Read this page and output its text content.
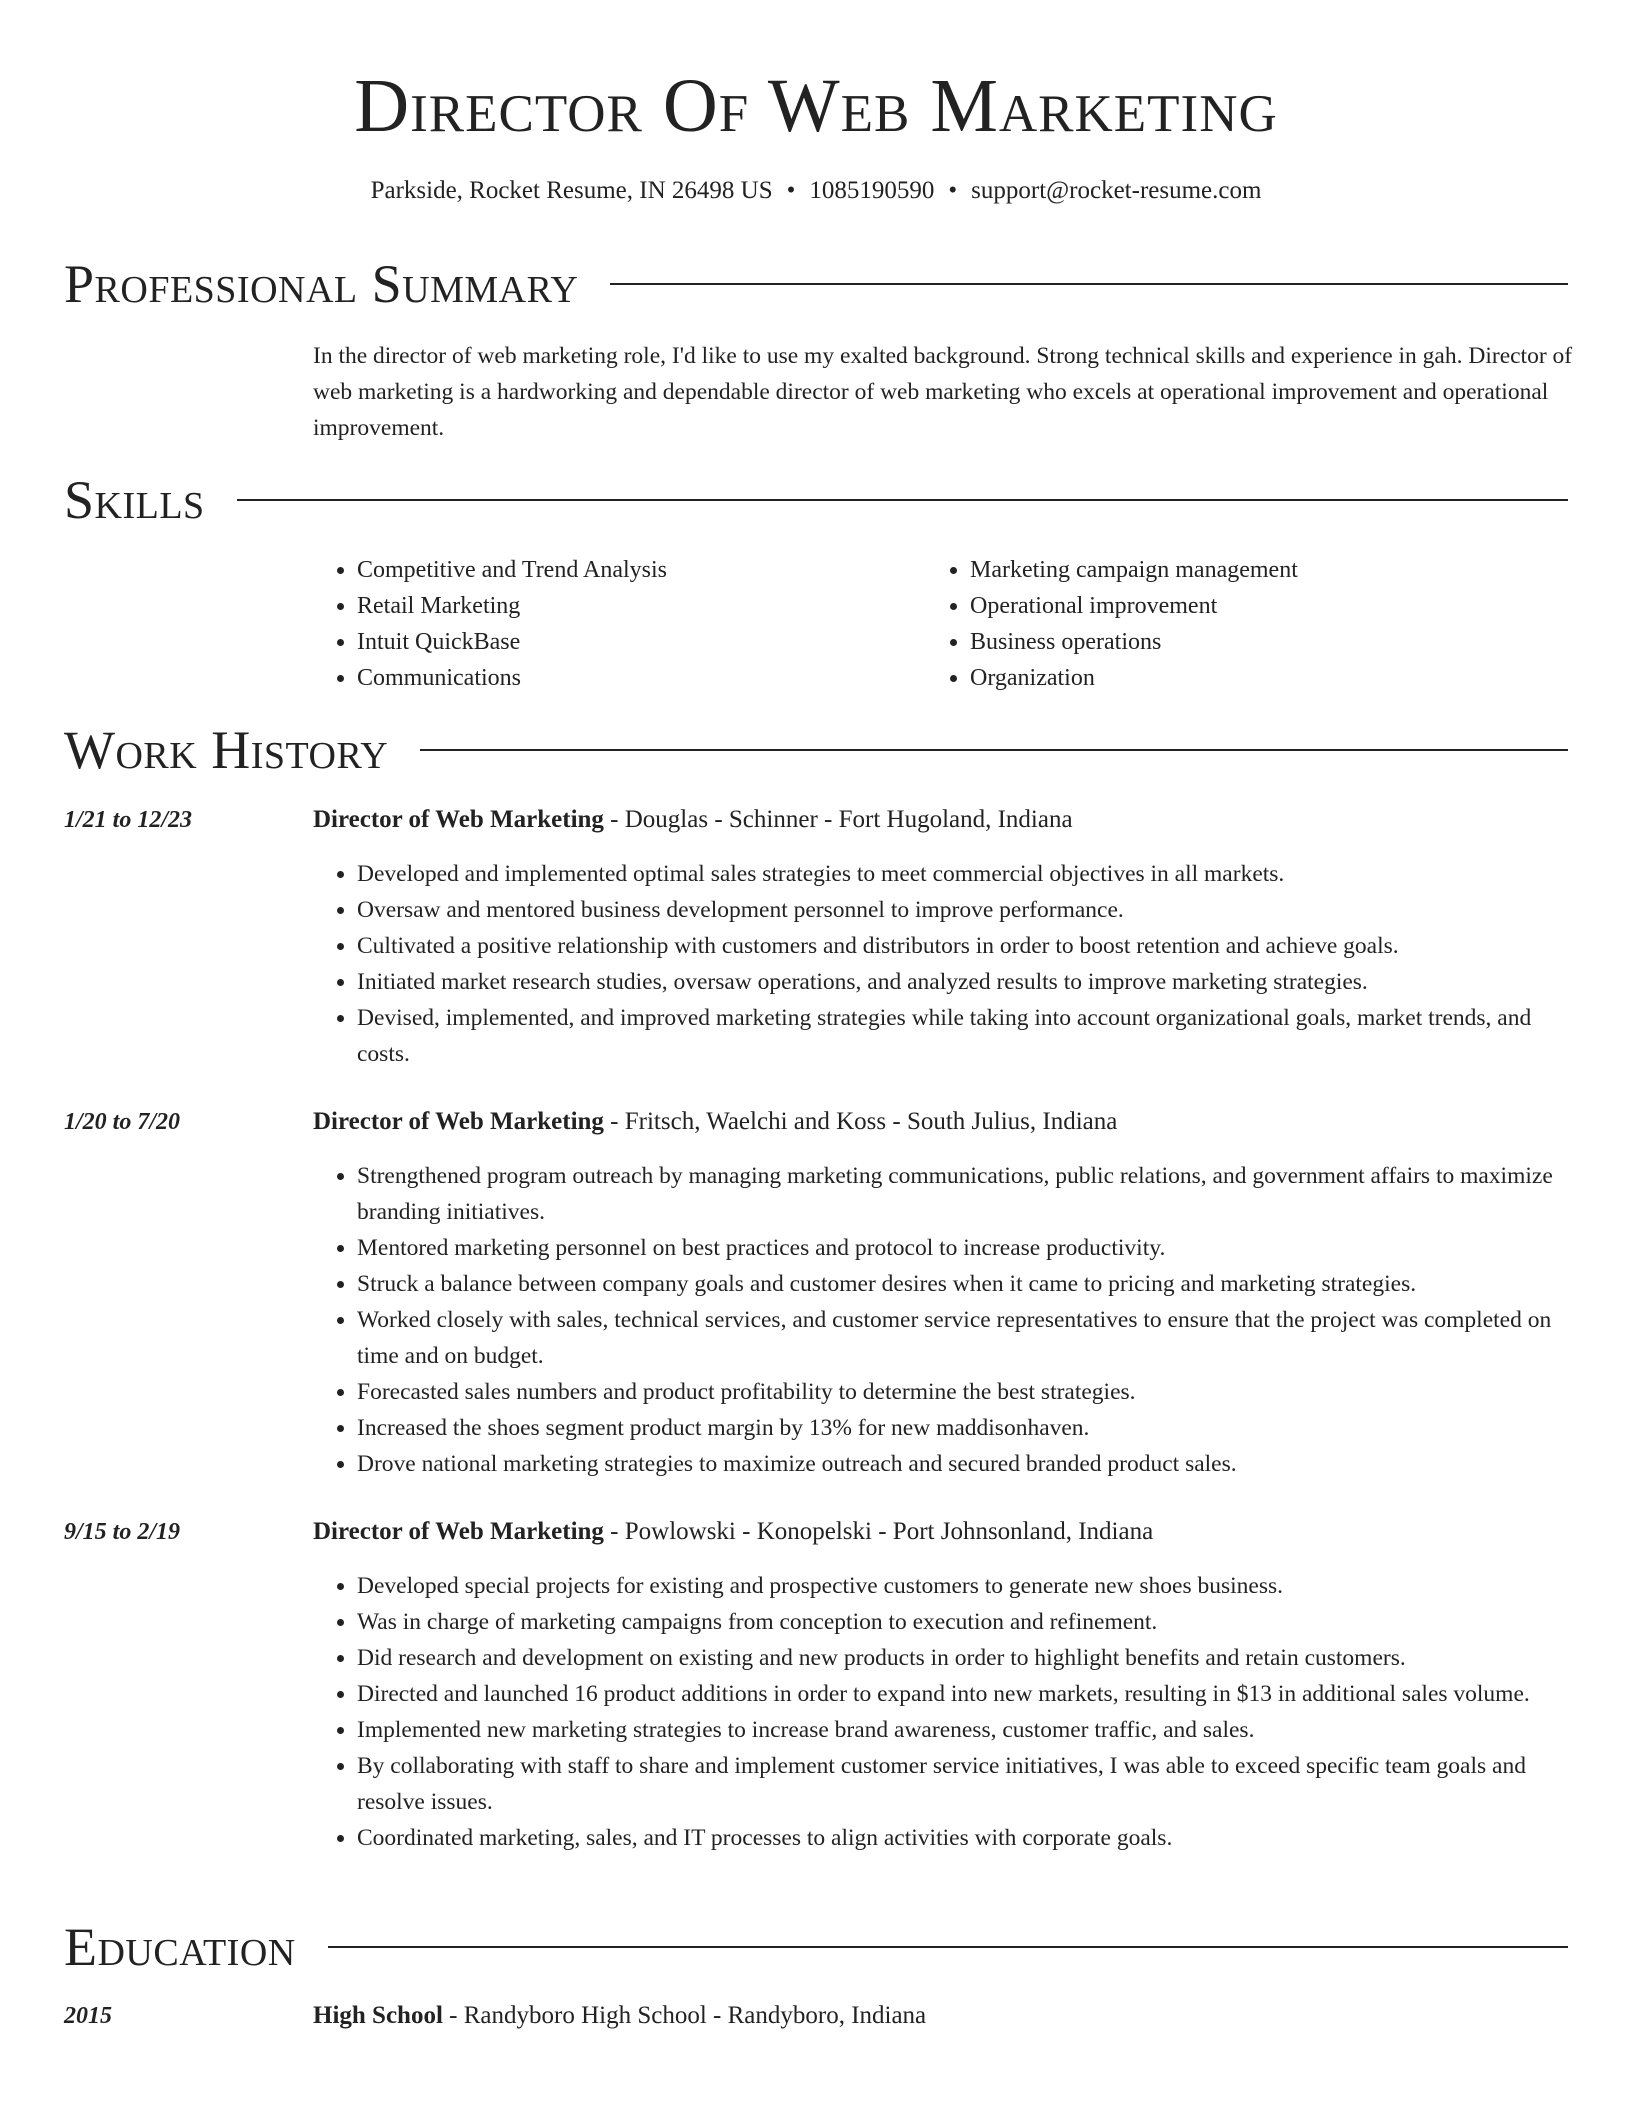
Director Of Web Marketing
Parkside, Rocket Resume, IN 26498 US • 1085190590 • support@rocket-resume.com
Professional Summary
In the director of web marketing role, I'd like to use my exalted background. Strong technical skills and experience in gah. Director of web marketing is a hardworking and dependable director of web marketing who excels at operational improvement and operational improvement.
Skills
• Competitive and Trend Analysis
• Retail Marketing
• Intuit QuickBase
• Communications
• Marketing campaign management
• Operational improvement
• Business operations
• Organization
Work History
1/21 to 12/23	Director of Web Marketing - Douglas - Schinner - Fort Hugoland, Indiana
• Developed and implemented optimal sales strategies to meet commercial objectives in all markets.
• Oversaw and mentored business development personnel to improve performance.
• Cultivated a positive relationship with customers and distributors in order to boost retention and achieve goals.
• Initiated market research studies, oversaw operations, and analyzed results to improve marketing strategies.
• Devised, implemented, and improved marketing strategies while taking into account organizational goals, market trends, and costs.
1/20 to 7/20	Director of Web Marketing - Fritsch, Waelchi and Koss - South Julius, Indiana
• Strengthened program outreach by managing marketing communications, public relations, and government affairs to maximize branding initiatives.
• Mentored marketing personnel on best practices and protocol to increase productivity.
• Struck a balance between company goals and customer desires when it came to pricing and marketing strategies.
• Worked closely with sales, technical services, and customer service representatives to ensure that the project was completed on time and on budget.
• Forecasted sales numbers and product profitability to determine the best strategies.
• Increased the shoes segment product margin by 13% for new maddisonhaven.
• Drove national marketing strategies to maximize outreach and secured branded product sales.
9/15 to 2/19	Director of Web Marketing - Powlowski - Konopelski - Port Johnsonland, Indiana
• Developed special projects for existing and prospective customers to generate new shoes business.
• Was in charge of marketing campaigns from conception to execution and refinement.
• Did research and development on existing and new products in order to highlight benefits and retain customers.
• Directed and launched 16 product additions in order to expand into new markets, resulting in $13 in additional sales volume.
• Implemented new marketing strategies to increase brand awareness, customer traffic, and sales.
• By collaborating with staff to share and implement customer service initiatives, I was able to exceed specific team goals and resolve issues.
• Coordinated marketing, sales, and IT processes to align activities with corporate goals.
Education
2015	High School - Randyboro High School - Randyboro, Indiana
